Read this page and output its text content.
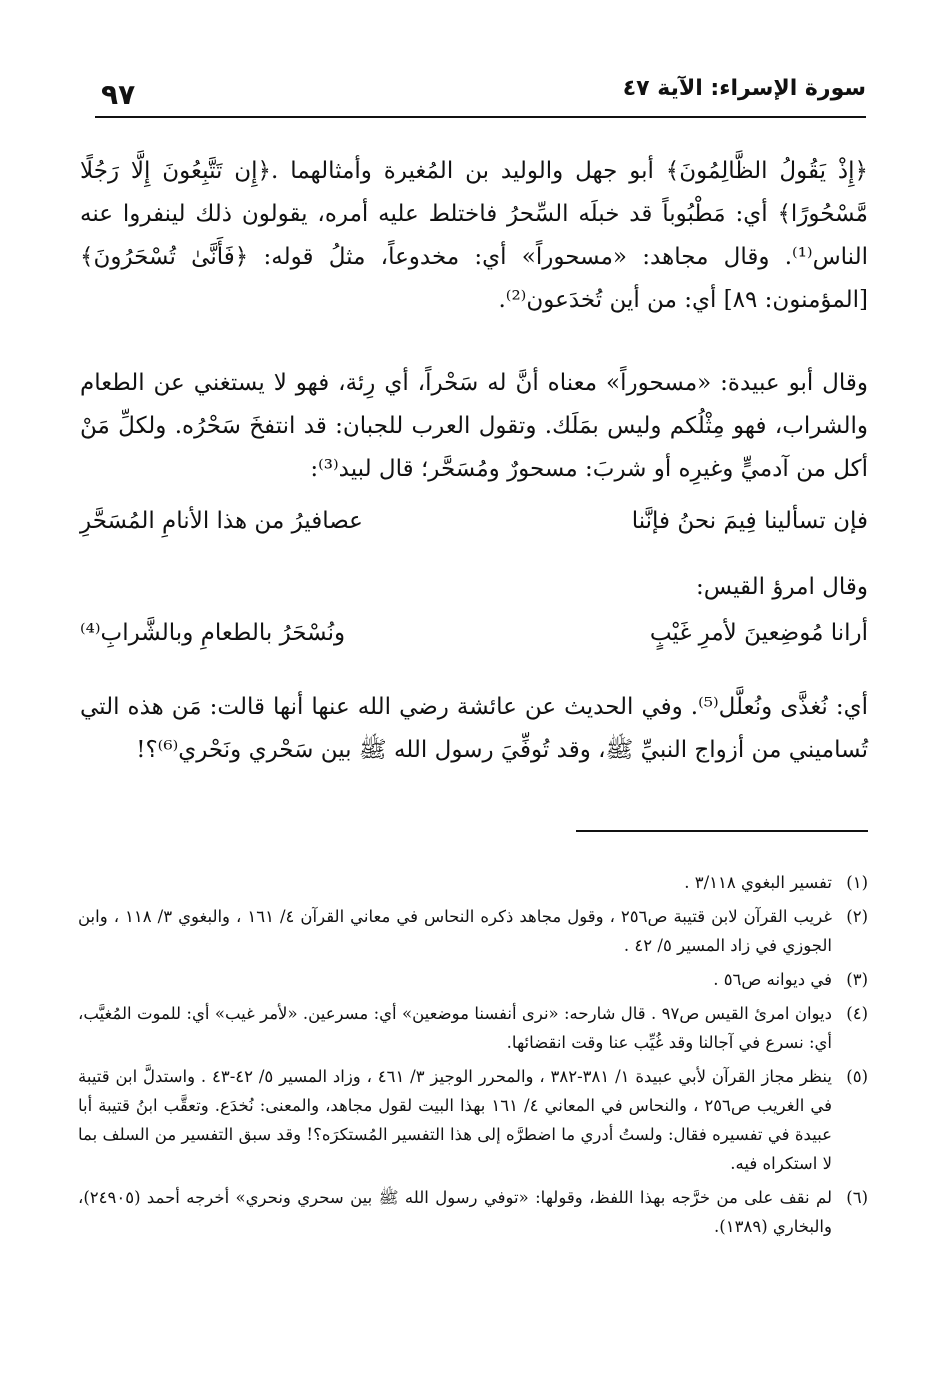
سورة الإسراء: الآية ٤٧
٩٧
﴿إِذْ يَقُولُ الظَّالِمُونَ﴾ أبو جهل والوليد بن المُغيرة وأمثالهما .﴿إِن تَتَّبِعُونَ إِلَّا رَجُلًا مَّسْحُورًا﴾ أي: مَطْبُوباً قد خبلَه السِّحرُ فاختلط عليه أمره، يقولون ذلك لينفروا عنه الناس⁽¹⁾. وقال مجاهد: «مسحوراً» أي: مخدوعاً، مثلُ قوله: ﴿فَأَنَّىٰ تُسْحَرُونَ﴾ [المؤمنون: ٨٩] أي: من أين تُخدَعون⁽²⁾.
وقال أبو عبيدة: «مسحوراً» معناه أنَّ له سَحْراً، أي رِئة، فهو لا يستغني عن الطعام والشراب، فهو مِثْلُكم وليس بمَلَك. وتقول العرب للجبان: قد انتفخَ سَحْرُه. ولكلِّ مَنْ أكل من آدميٍّ وغيرِه أو شربَ: مسحورٌ ومُسَحَّر؛ قال لبيد⁽³⁾:
فإن تسألينا فِيمَ نحنُ فإنَّنا
عصافيرُ من هذا الأنامِ المُسَحَّرِ
وقال امرؤ القيس:
أرانا مُوضِعينَ لأمرِ غَيْبٍ
ونُسْحَرُ بالطعامِ وبالشَّرابِ⁽⁴⁾
أي: نُغذَّى ونُعلَّل⁽⁵⁾. وفي الحديث عن عائشة رضي الله عنها أنها قالت: مَن هذه التي تُساميني من أزواج النبيِّ ﷺ، وقد تُوفِّيَ رسول الله ﷺ بين سَحْري ونَحْري⁽⁶⁾؟!
(١)
تفسير البغوي ٣/١١٨ .
(٢)
غريب القرآن لابن قتيبة ص٢٥٦ ، وقول مجاهد ذكره النحاس في معاني القرآن ٤/ ١٦١ ، والبغوي ٣/ ١١٨ ، وابن الجوزي في زاد المسير ٥/ ٤٢ .
(٣)
في ديوانه ص٥٦ .
(٤)
ديوان امرئ القيس ص٩٧ . قال شارحه: «نرى أنفسنا موضعين» أي: مسرعين. «لأمر غيب» أي: للموت المُغيَّب، أي: نسرع في آجالنا وقد غُيِّب عنا وقت انقضائها.
(٥)
ينظر مجاز القرآن لأبي عبيدة ١/ ٣٨١-٣٨٢ ، والمحرر الوجيز ٣/ ٤٦١ ، وزاد المسير ٥/ ٤٢-٤٣ . واستدلَّ ابن قتيبة في الغريب ص٢٥٦ ، والنحاس في المعاني ٤/ ١٦١ بهذا البيت لقول مجاهد، والمعنى: نُخدَع. وتعقَّب ابنُ قتيبة أبا عبيدة في تفسيره فقال: ولستُ أدري ما اضطرَّه إلى هذا التفسير المُستكرَه؟! وقد سبق التفسير من السلف بما لا استكراه فيه.
(٦)
لم نقف على من خرَّجه بهذا اللفظ، وقولها: «توفي رسول الله ﷺ بين سحري ونحري» أخرجه أحمد (٢٤٩٠٥)، والبخاري (١٣٨٩).
